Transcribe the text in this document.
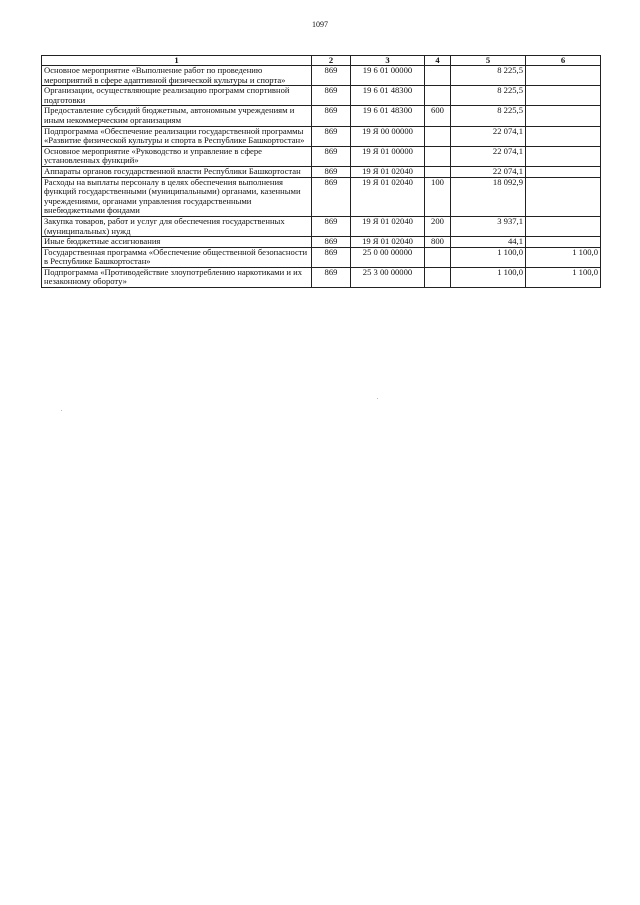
1097
1	2	3	4	5	6
Основное мероприятие «Выполнение работ по проведению мероприятий в сфере адаптивной физической культуры и спорта»	869	19 6 01 00000		8 225,5	
Организации, осуществляющие реализацию программ спортивной подготовки	869	19 6 01 48300		8 225,5	
Предоставление субсидий бюджетным, автономным учреждениям и иным некоммерческим организациям	869	19 6 01 48300	600	8 225,5	
Подпрограмма «Обеспечение реализации государственной программы «Развитие физической культуры и спорта в Республике Башкортостан»	869	19 Я 00 00000		22 074,1	
Основное мероприятие «Руководство и управление в сфере установленных функций»	869	19 Я 01 00000		22 074,1	
Аппараты органов государственной власти Республики Башкортостан	869	19 Я 01 02040		22 074,1	
Расходы на выплаты персоналу в целях обеспечения выполнения функций государственными (муниципальными) органами, казенными учреждениями, органами управления государственными внебюджетными фондами	869	19 Я 01 02040	100	18 092,9	
Закупка товаров, работ и услуг для обеспечения государственных (муниципальных) нужд	869	19 Я 01 02040	200	3 937,1	
Иные бюджетные ассигнования	869	19 Я 01 02040	800	44,1	
Государственная программа «Обеспечение общественной безопасности в Республике Башкортостан»	869	25 0 00 00000		1 100,0	1 100,0
Подпрограмма «Противодействие злоупотреблению наркотиками и их незаконному обороту»	869	25 3 00 00000		1 100,0	1 100,0
